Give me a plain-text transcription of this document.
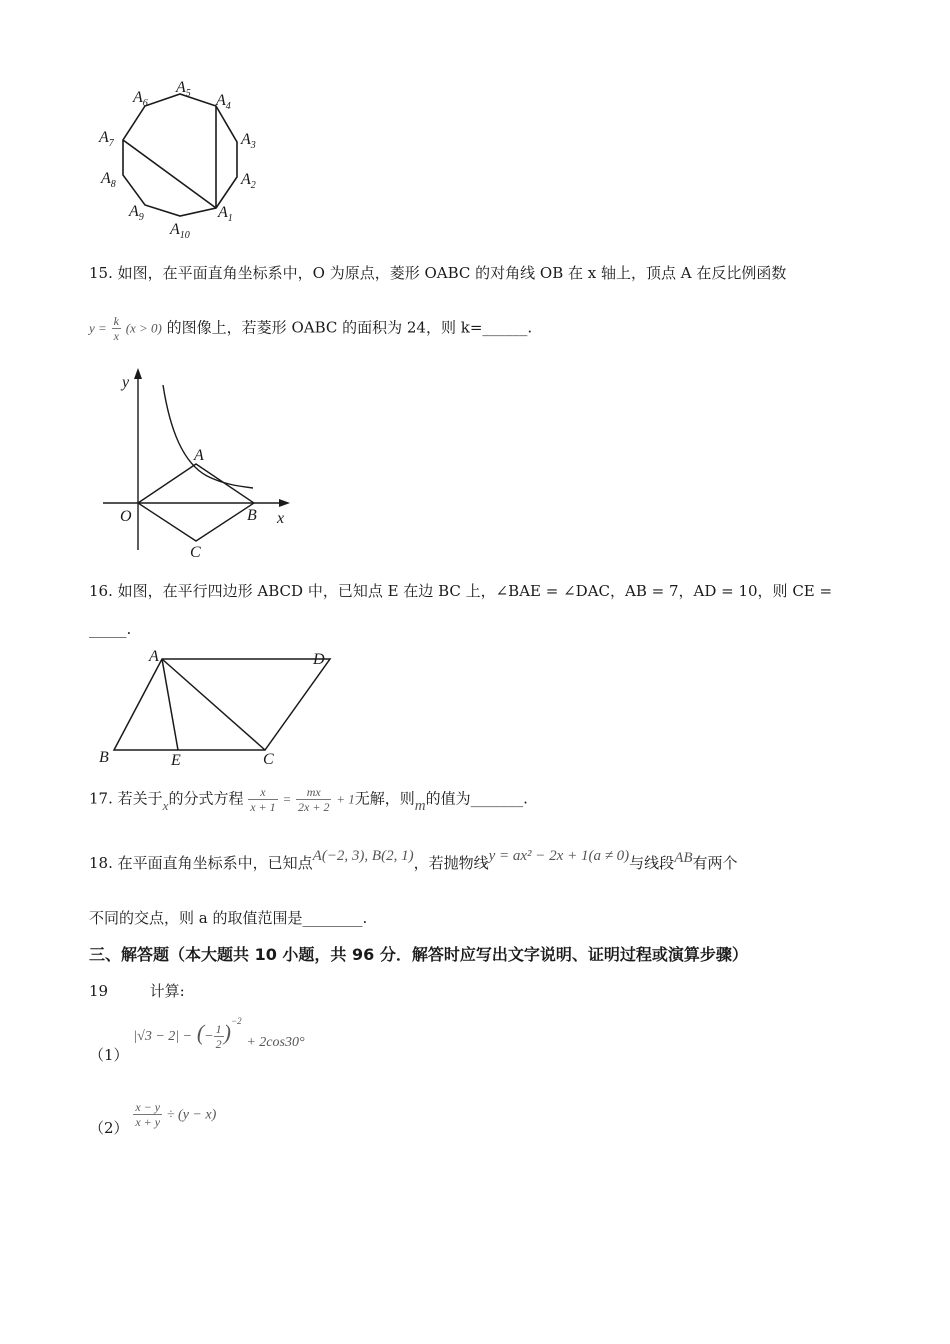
$A_1$
$A_2$
$A_3$
$A_4$
$A_5$
$A_6$
$A_7$
$A_8$
$A_9$
$A_{10}$
15. 如图，在平面直角坐标系中，O 为原点，菱形 OABC 的对角线 OB 在 x 轴上，顶点 A 在反比例函数
$y = \frac{k}{x} (x > 0)$ 的图像上，若菱形 OABC 的面积为 24，则 k=______.
y
x
O
A
B
C
16. 如图，在平行四边形 ABCD 中，已知点 E 在边 BC 上，∠BAE = ∠DAC，AB = 7，AD = 10，则 CE =
_____.
A	D
B	E	C
17. 若关于x的分式方程 $\frac{x}{x + 1} = \frac{mx}{2x + 2} + 1$无解，则m的值为_______.
18. 在平面直角坐标系中，已知点A(−2, 3), B(2, 1)，若抛物线y = ax² − 2x + 1(a ≠ 0)与线段AB有两个
不同的交点，则 a 的取值范围是________.
三、解答题（本大题共 10 小题，共 96 分．解答时应写出文字说明、证明过程或演算步骤）
19	计算:
（1） |√3 − 2| − (− $\frac{1}{2} )^{-2} + 2\cos 30^\circ$
$(2) \frac{x - y}{x + y} \div (y - x)$
